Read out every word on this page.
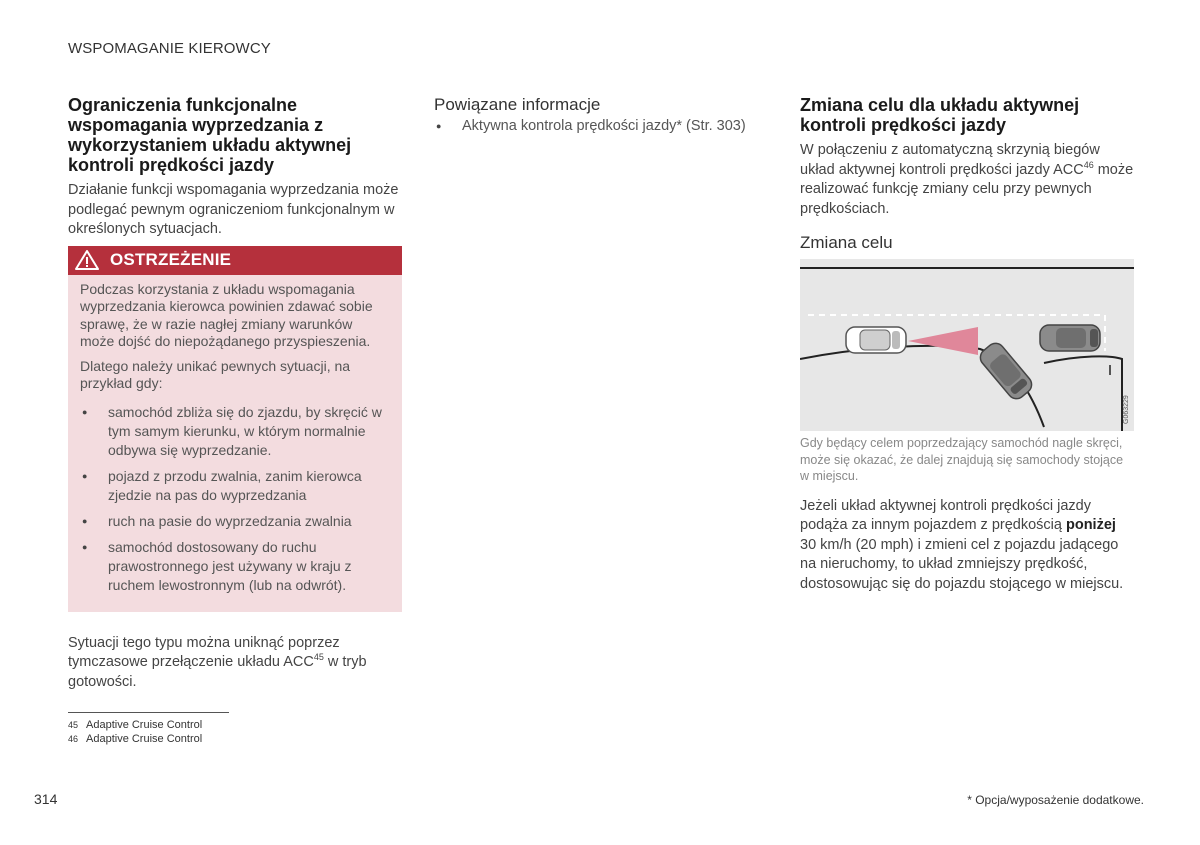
WSPOMAGANIE KIEROWCY
Ograniczenia funkcjonalne wspomagania wyprzedzania z wykorzystaniem układu aktywnej kontroli prędkości jazdy

Działanie funkcji wspomagania wyprzedzania może podlegać pewnym ograniczeniom funkcjonalnym w określonych sytuacjach.

OSTRZEŻENIE

Podczas korzystania z układu wspomagania wyprzedzania kierowca powinien zdawać sobie sprawę, że w razie nagłej zmiany warunków może dojść do niepożądanego przyspieszenia.

Dlatego należy unikać pewnych sytuacji, na przykład gdy:

● samochód zbliża się do zjazdu, by skręcić w tym samym kierunku, w którym normalnie odbywa się wyprzedzanie.
● pojazd z przodu zwalnia, zanim kierowca zjedzie na pas do wyprzedzania
● ruch na pasie do wyprzedzania zwalnia
● samochód dostosowany do ruchu prawostronnego jest używany w kraju z ruchem lewostronnym (lub na odwrót).

Sytuacji tego typu można uniknąć poprzez tymczasowe przełączenie układu ACC$^{45}$ w tryb gotowości.

Powiązane informacje
● Aktywna kontrola prędkości jazdy* (Str. 303)
Zmiana celu dla układu aktywnej kontroli prędkości jazdy

W połączeniu z automatyczną skrzynią biegów układ aktywnej kontroli prędkości jazdy ACC$^{46}$ może realizować funkcję zmiany celu przy pewnych prędkościach.

Zmiana celu
G063229

Gdy będący celem poprzedzający samochód nagle skręci, może się okazać, że dalej znajdują się samochody stojące w miejscu.

Jeżeli układ aktywnej kontroli prędkości jazdy podąża za innym pojazdem z prędkością poniżej 30 km/h (20 mph) i zmieni cel z pojazdu jadącego na nieruchomy, to układ zmniejszy prędkość, dostosowując się do pojazdu stojącego w miejscu.

45 Adaptive Cruise Control
46 Adaptive Cruise Control
314	* Opcja/wyposażenie dodatkowe.
